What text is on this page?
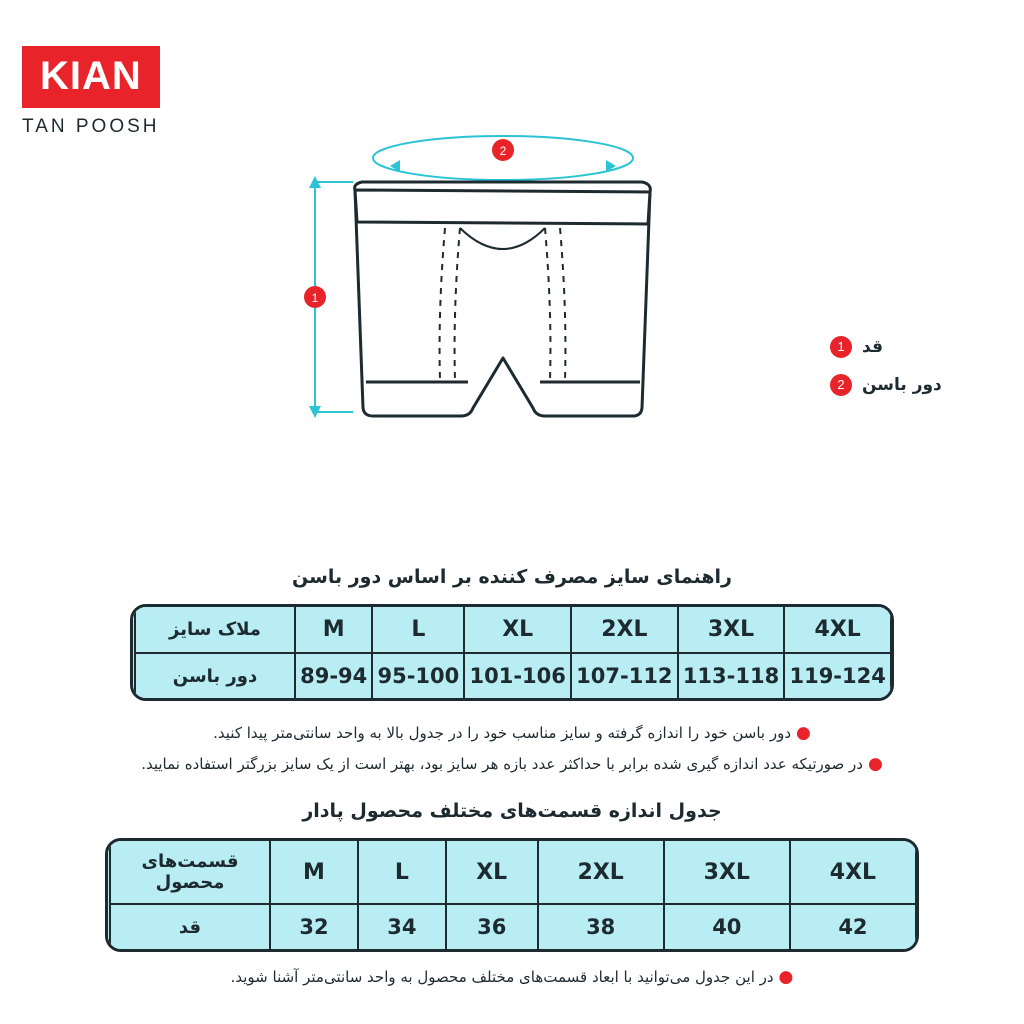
KIAN
TAN POOSH
2
1
قد
1
دور باسن
2
راهنمای سایز مصرف کننده بر اساس دور باسن
4XL	3XL	2XL	XL	L	M	ملاک سایز
119-124	113-118	107-112	101-106	95-100	89-94	دور باسن
●دور باسن خود را اندازه گرفته و سایز مناسب خود را در جدول بالا به واحد سانتی‌متر پیدا کنید.
●در صورتیکه عدد اندازه گیری شده برابر با حداکثر عدد بازه هر سایز بود، بهتر است از یک سایز بزرگتر استفاده نمایید.
جدول اندازه قسمت‌های مختلف محصول پادار
4XL	3XL	2XL	XL	L	M	قسمت‌های محصول
42	40	38	36	34	32	قد
●در این جدول می‌توانید با ابعاد قسمت‌های مختلف محصول به واحد سانتی‌متر آشنا شوید.
